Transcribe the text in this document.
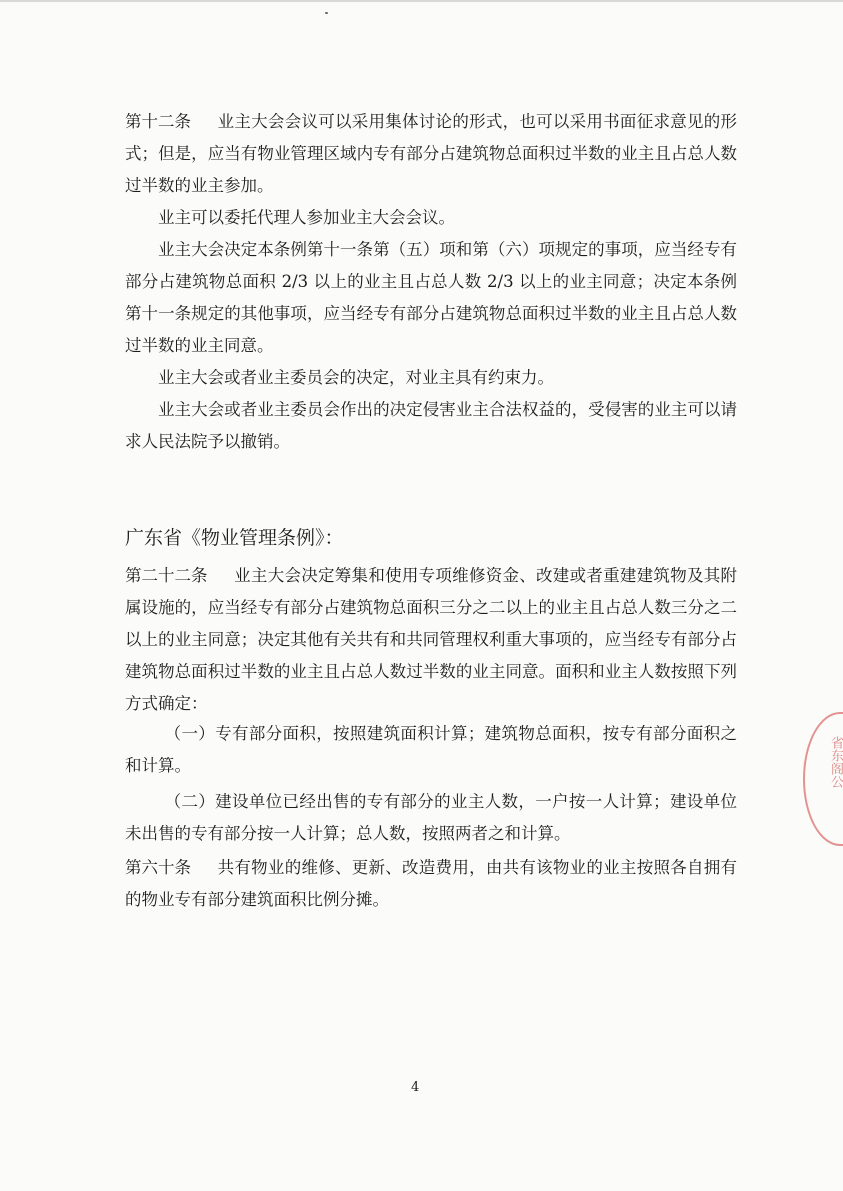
第十二条 业主大会会议可以采用集体讨论的形式，也可以采用书面征求意见的形式；但是，应当有物业管理区域内专有部分占建筑物总面积过半数的业主且占总人数过半数的业主参加。

业主可以委托代理人参加业主大会会议。

业主大会决定本条例第十一条第（五）项和第（六）项规定的事项，应当经专有部分占建筑物总面积 2/3 以上的业主且占总人数 2/3 以上的业主同意；决定本条例第十一条规定的其他事项，应当经专有部分占建筑物总面积过半数的业主且占总人数过半数的业主同意。

业主大会或者业主委员会的决定，对业主具有约束力。

业主大会或者业主委员会作出的决定侵害业主合法权益的，受侵害的业主可以请求人民法院予以撤销。

广东省《物业管理条例》：

第二十二条 业主大会决定筹集和使用专项维修资金、改建或者重建建筑物及其附属设施的，应当经专有部分占建筑物总面积三分之二以上的业主且占总人数三分之二以上的业主同意；决定其他有关共有和共同管理权利重大事项的，应当经专有部分占建筑物总面积过半数的业主且占总人数过半数的业主同意。面积和业主人数按照下列方式确定：

（一）专有部分面积，按照建筑面积计算；建筑物总面积，按专有部分面积之和计算。

（二）建设单位已经出售的专有部分的业主人数，一户按一人计算；建设单位未出售的专有部分按一人计算；总人数，按照两者之和计算。

第六十条 共有物业的维修、更新、改造费用，由共有该物业的业主按照各自拥有的物业专有部分建筑面积比例分摊。

省东阁公
4
